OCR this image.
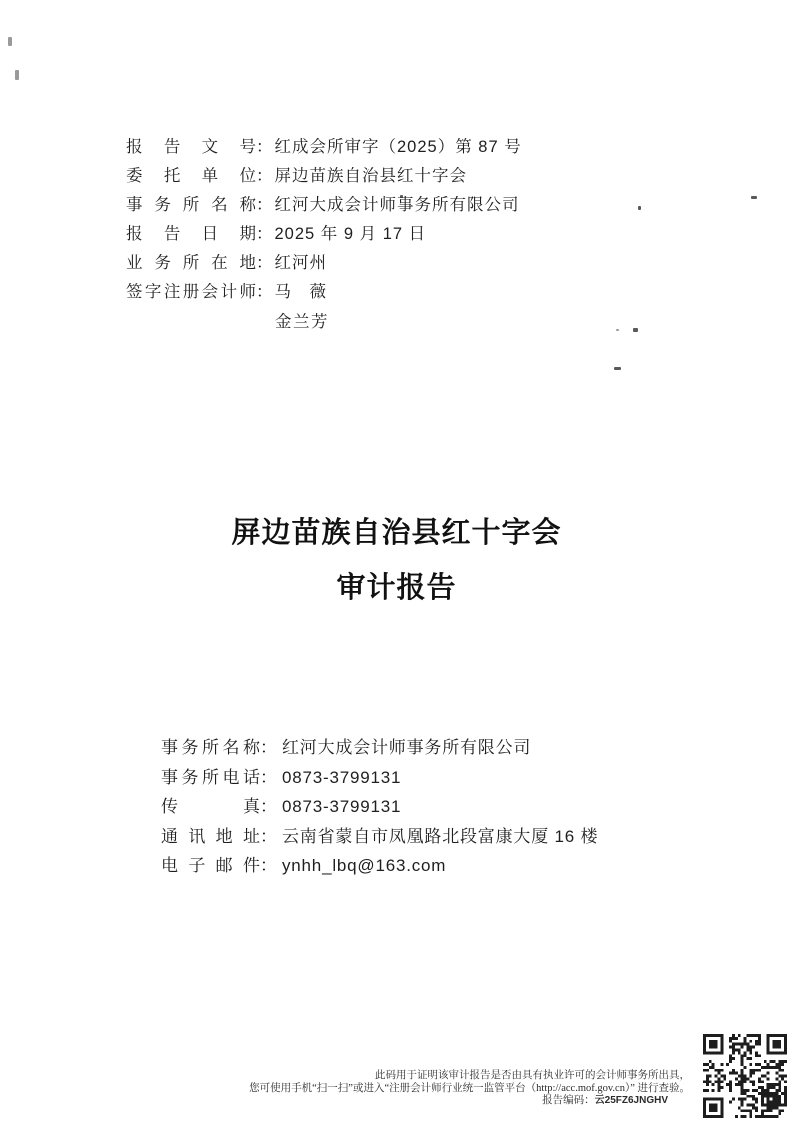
报告文号： 红成会所审字（2025）第 87 号
委托单位： 屏边苗族自治县红十字会
事务所名称： 红河大成会计师事务所有限公司
报告日期： 2025 年 9 月 17 日
业务所在地： 红河州
签字注册会计师： 马　薇
金兰芳
屏边苗族自治县红十字会
审计报告
事务所名称： 红河大成会计师事务所有限公司
事务所电话： 0873-3799131
传真： 0873-3799131
通讯地址： 云南省蒙自市凤凰路北段富康大厦 16 楼
电子邮件： ynhh_lbq@163.com
此码用于证明该审计报告是否由具有执业许可的会计师事务所出具，
您可使用手机“扫一扫”或进入“注册会计师行业统一监管平台（http://acc.mof.gov.cn）” 进行查验。
报告编码：云25FZ6JNGHV
